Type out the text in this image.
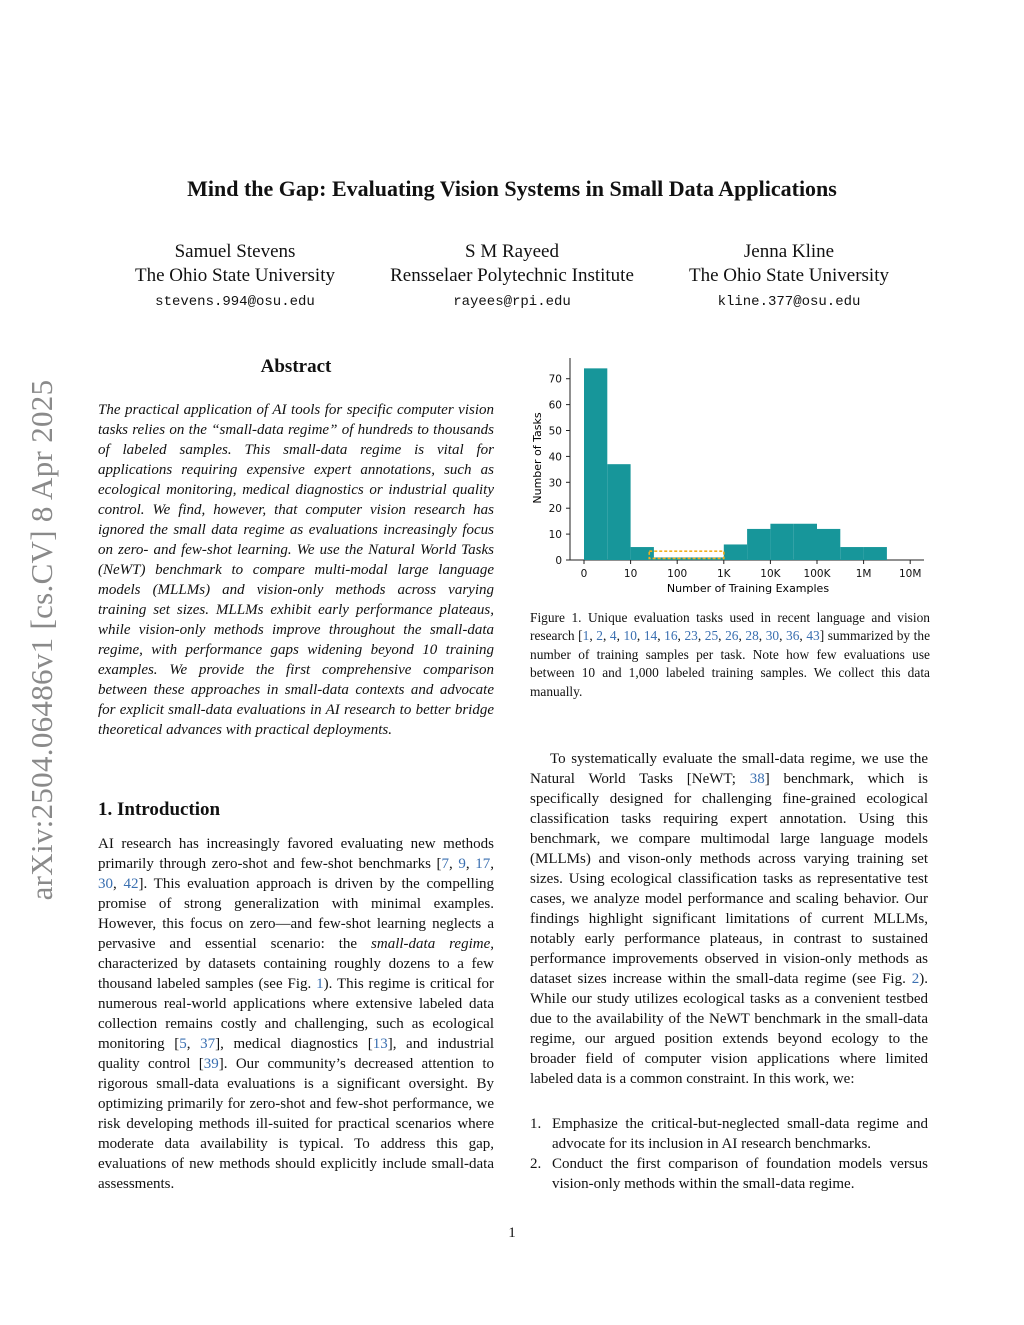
Mind the Gap: Evaluating Vision Systems in Small Data Applications
Samuel Stevens
The Ohio State University
stevens.994@osu.edu
S M Rayeed
Rensselaer Polytechnic Institute
rayees@rpi.edu
Jenna Kline
The Ohio State University
kline.377@osu.edu
arXiv:2504.06486v1 [cs.CV] 8 Apr 2025
Abstract
The practical application of AI tools for specific computer vision tasks relies on the “small-data regime” of hundreds to thousands of labeled samples. This small-data regime is vital for applications requiring expensive expert annotations, such as ecological monitoring, medical diagnostics or industrial quality control. We find, however, that computer vision research has ignored the small data regime as evaluations increasingly focus on zero- and few-shot learning. We use the Natural World Tasks (NeWT) benchmark to compare multi-modal large language models (MLLMs) and vision-only methods across varying training set sizes. MLLMs exhibit early performance plateaus, while vision-only methods improve throughout the small-data regime, with performance gaps widening beyond 10 training examples. We provide the first comprehensive comparison between these approaches in small-data contexts and advocate for explicit small-data evaluations in AI research to better bridge theoretical advances with practical deployments.
1. Introduction
AI research has increasingly favored evaluating new methods primarily through zero-shot and few-shot benchmarks [7, 9, 17, 30, 42]. This evaluation approach is driven by the compelling promise of strong generalization with minimal examples. However, this focus on zero—and few-shot learning neglects a pervasive and essential scenario: the small-data regime, characterized by datasets containing roughly dozens to a few thousand labeled samples (see Fig. 1). This regime is critical for numerous real-world applications where extensive labeled data collection remains costly and challenging, such as ecological monitoring [5, 37], medical diagnostics [13], and industrial quality control [39]. Our community’s decreased attention to rigorous small-data evaluations is a significant oversight. By optimizing primarily for zero-shot and few-shot performance, we risk developing methods ill-suited for practical scenarios where moderate data availability is typical. To address this gap, evaluations of new methods should explicitly include small-data assessments.
0
10
20
30
40
50
60
70
0	10	100	1K	10K 100K 1M	10M
Number of Tasks
Number of Training Examples
Figure 1. Unique evaluation tasks used in recent language and vision research [1, 2, 4, 10, 14, 16, 23, 25, 26, 28, 30, 36, 43] summarized by the number of training samples per task. Note how few evaluations use between 10 and 1,000 labeled training samples. We collect this data manually.

To systematically evaluate the small-data regime, we use the Natural World Tasks [NeWT; 38] benchmark, which is specifically designed for challenging fine-grained ecological classification tasks requiring expert annotation. Using this benchmark, we compare multimodal large language models (MLLMs) and vison-only methods across varying training set sizes. Using ecological classification tasks as representative test cases, we analyze model performance and scaling behavior. Our findings highlight significant limitations of current MLLMs, notably early performance plateaus, in contrast to sustained performance improvements observed in vision-only methods as dataset sizes increase within the small-data regime (see Fig. 2). While our study utilizes ecological tasks as a convenient testbed due to the availability of the NeWT benchmark in the small-data regime, our argued position extends beyond ecology to the broader field of computer vision applications where limited labeled data is a common constraint. In this work, we:

1. Emphasize the critical-but-neglected small-data regime and advocate for its inclusion in AI research benchmarks.
2. Conduct the first comparison of foundation models versus vision-only methods within the small-data regime.
1
